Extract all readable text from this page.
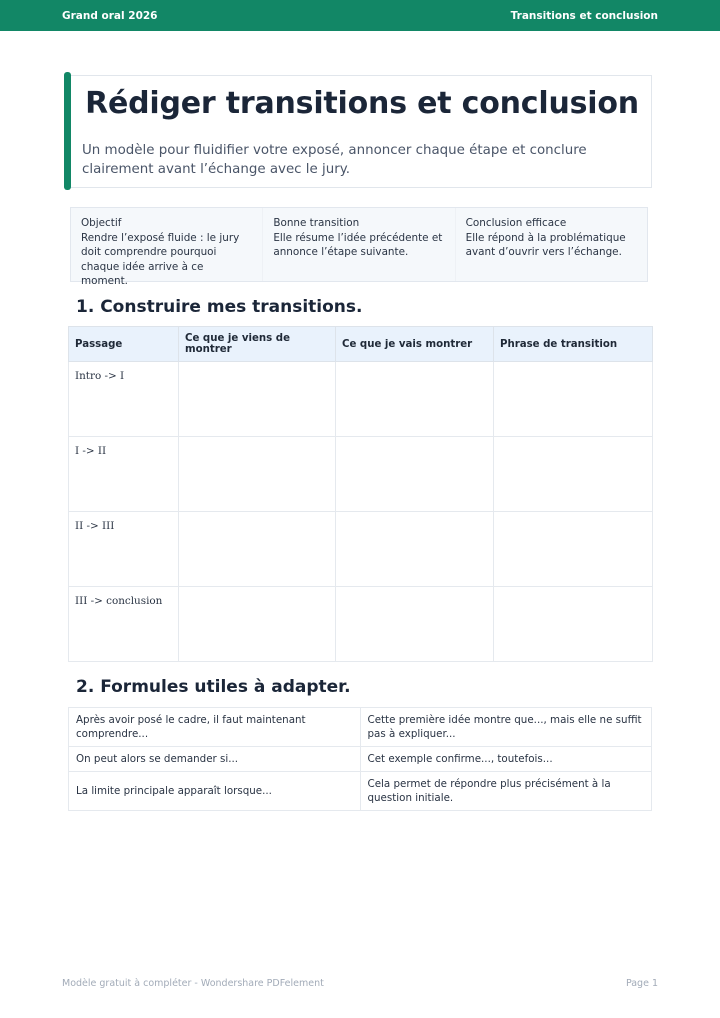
Grand oral 2026	Transitions et conclusion
Rédiger transitions et conclusion
Un modèle pour fluidifier votre exposé, annoncer chaque étape et conclure clairement avant l’échange avec le jury.
Objectif
Rendre l’exposé fluide : le jury doit comprendre pourquoi chaque idée arrive à ce moment.
Bonne transition
Elle résume l’idée précédente et annonce l’étape suivante.
Conclusion efficace
Elle répond à la problématique avant d’ouvrir vers l’échange.
1. Construire mes transitions.
Passage	Ce que je viens de montrer	Ce que je vais montrer	Phrase de transition
Intro -> I			
I -> II			
II -> III			
III -> conclusion			
2. Formules utiles à adapter.
Après avoir posé le cadre, il faut maintenant comprendre...	Cette première idée montre que..., mais elle ne suffit pas à expliquer...
On peut alors se demander si...	Cet exemple confirme..., toutefois...
La limite principale apparaît lorsque...	Cela permet de répondre plus précisément à la question initiale.
Modèle gratuit à compléter - Wondershare PDFelement	Page 1
